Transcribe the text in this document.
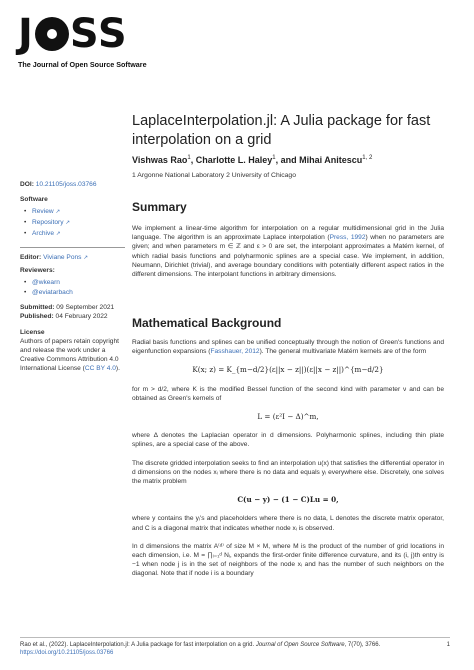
J SS
The Journal of Open Source Software
LaplaceInterpolation.jl: A Julia package for fast interpolation on a grid
Vishwas Rao$^1$, Charlotte L. Haley$^1$, and Mihai Anitescu$^{1, 2}$
1 Argonne National Laboratory 2 University of Chicago
DOI: 10.21105/joss.03766
Software
• Review ↗
• Repository ↗
• Archive ↗
Editor: Viviane Pons ↗
Reviewers:
• @wkearn
• @eviatarbach
Submitted: 09 September 2021
Published: 04 February 2022
License
Authors of papers retain copyright and release the work under a Creative Commons Attribution 4.0 International License (CC BY 4.0).
Summary
We implement a linear-time algorithm for interpolation on a regular multidimensional grid in the Julia language. The algorithm is an approximate Laplace interpolation (Press, 1992) when no parameters are given; and when parameters m ∈ ℤ and ε > 0 are set, the interpolant approximates a Matérn kernel, of which radial basis functions and polyharmonic splines are a special case. We implement, in addition, Neumann, Dirichlet (trivial), and average boundary conditions with potentially different aspect ratios in the different dimensions. The interpolant functions in arbitrary dimensions.
Mathematical Background
Radial basis functions and splines can be unified conceptually through the notion of Green's functions and eigenfunction expansions (Fasshauer, 2012). The general multivariate Matérn kernels are of the form
K(x; z) = K_{m−d/2}(ε||x − z||)(ε||x − z||)^{m−d/2}
for m > d/2, where K is the modified Bessel function of the second kind with parameter ν and can be obtained as Green's kernels of
L = (ε²I − Δ)^m,
where Δ denotes the Laplacian operator in d dimensions. Polyharmonic splines, including thin plate splines, are a special case of the above.
The discrete gridded interpolation seeks to find an interpolation u(x) that satisfies the differential operator in d dimensions on the nodes xᵢ where there is no data and equals yᵢ everywhere else. Discretely, one solves the matrix problem
C(u − y) − (1 − C)Lu = 0,
where y contains the yᵢ's and placeholders where there is no data, L denotes the discrete matrix operator, and C is a diagonal matrix that indicates whether node xᵢ is observed.
In d dimensions the matrix A⁽ᵈ⁾ of size M × M, where M is the product of the number of grid locations in each dimension, i.e. M = ∏ᵢ₌₁ᵈ Nᵢ, expands the first-order finite difference curvature, and its (i, j)th entry is −1 when node j is in the set of neighbors of the node xᵢ and has the number of such neighbors on the diagonal. Note that if node i is a boundary
Rao et al., (2022). LaplaceInterpolation.jl: A Julia package for fast interpolation on a grid. Journal of Open Source Software, 7(70), 3766.
https://doi.org/10.21105/joss.03766
1
